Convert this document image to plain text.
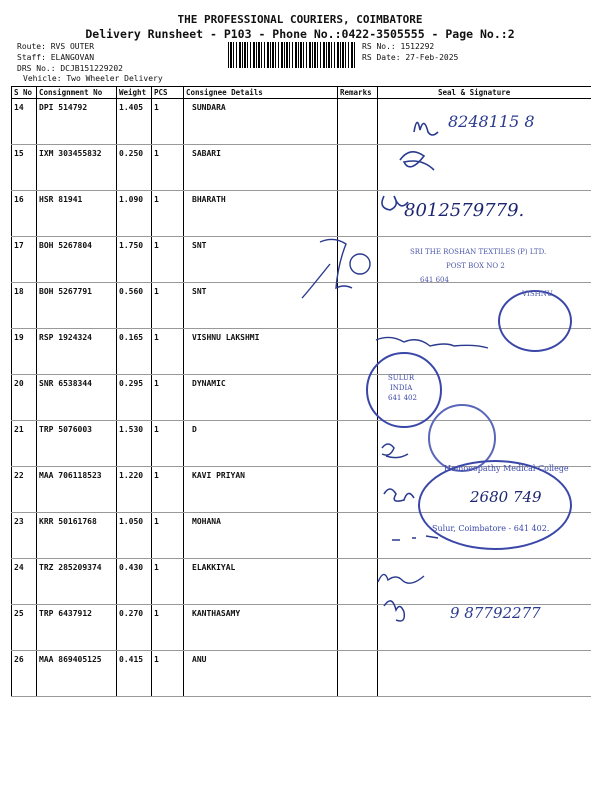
THE PROFESSIONAL COURIERS, COIMBATORE
Delivery Runsheet - P103 - Phone No.:0422-3505555 - Page No.:2
Route: RVS OUTER
Staff: ELANGOVAN
DRS No.: DCJB151229202
Vehicle: Two Wheeler Delivery
RS No.: 1512292
RS Date: 27-Feb-2025
S No	Consignment No	Weight	PCS	Consignee Details	Remarks	Seal & Signature
14	DPI 514792	1.405	1	SUNDARA		
15	IXM 303455832	0.250	1	SABARI		
16	HSR 81941	1.090	1	BHARATH		
17	BOH 5267804	1.750	1	SNT		
18	BOH 5267791	0.560	1	SNT		
19	RSP 1924324	0.165	1	VISHNU LAKSHMI		
20	SNR 6538344	0.295	1	DYNAMIC		
21	TRP 5076003	1.530	1	D		
22	MAA 706118523	1.220	1	KAVI PRIYAN		
23	KRR 50161768	1.050	1	MOHANA		
24	TRZ 285209374	0.430	1	ELAKKIYAL		
25	TRP 6437912	0.270	1	KANTHASAMY		
26	MAA 869405125	0.415	1	ANU		
8248115 8
8012579779.
2680 749
9 87792277
SRI THE ROSHAN TEXTILES (P) LTD.
POST BOX NO 2
641 604
VISHNU
SULUR
INDIA
641 402
Homoeopathy Medical College
Sulur, Coimbatore - 641 402.
